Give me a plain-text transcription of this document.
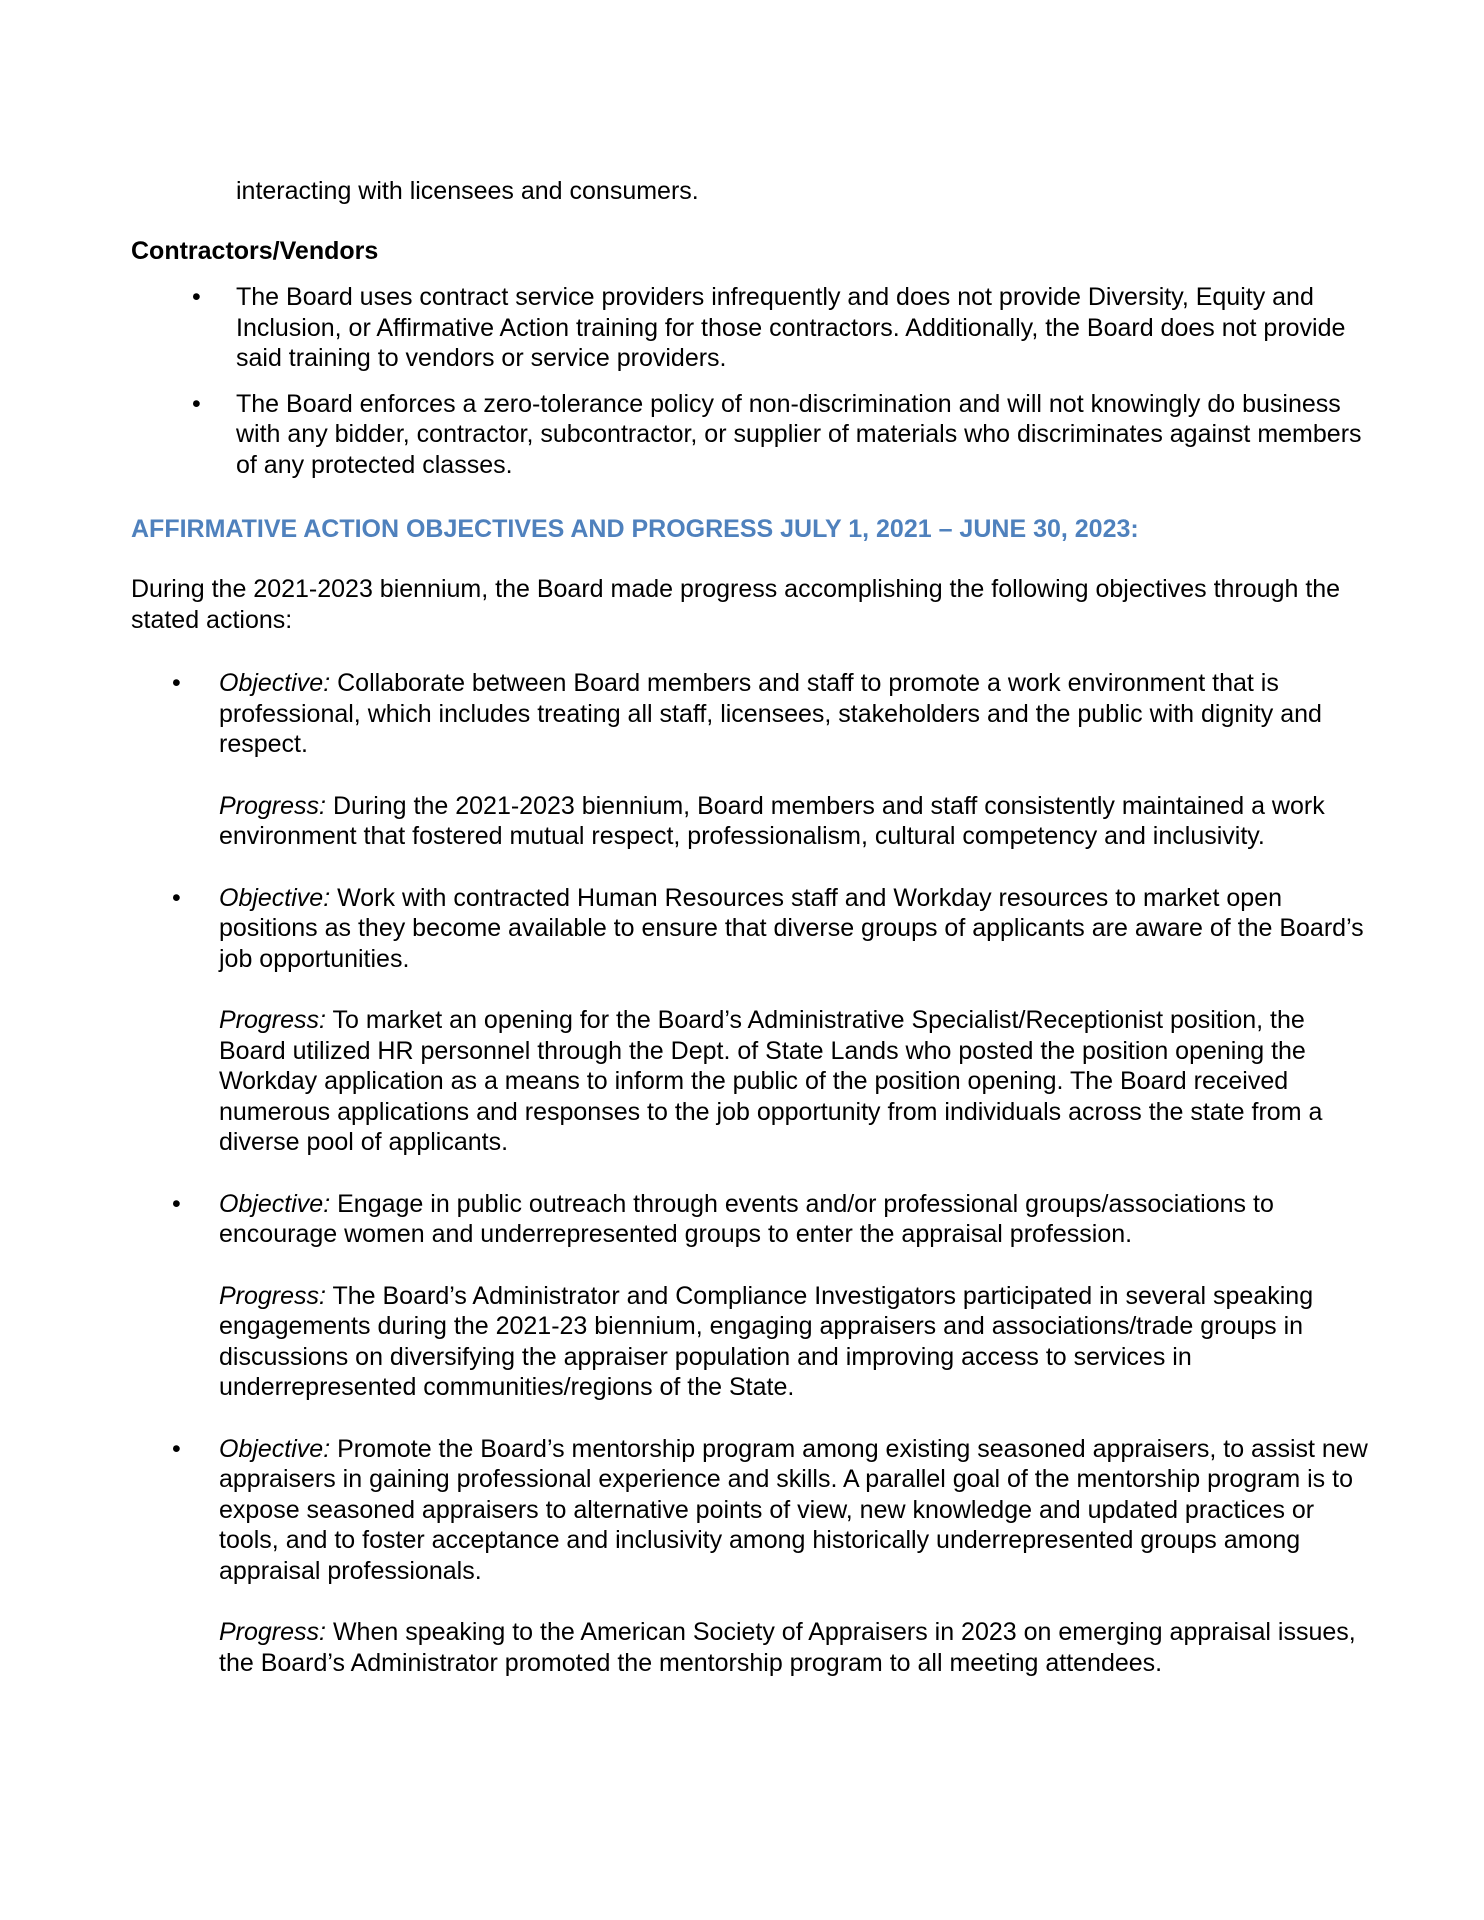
interacting with licensees and consumers.
Contractors/Vendors
• The Board uses contract service providers infrequently and does not provide Diversity, Equity and Inclusion, or Affirmative Action training for those contractors. Additionally, the Board does not provide said training to vendors or service providers.
• The Board enforces a zero-tolerance policy of non-discrimination and will not knowingly do business with any bidder, contractor, subcontractor, or supplier of materials who discriminates against members of any protected classes.
AFFIRMATIVE ACTION OBJECTIVES AND PROGRESS JULY 1, 2021 – JUNE 30, 2023:
During the 2021-2023 biennium, the Board made progress accomplishing the following objectives through the stated actions:
• Objective: Collaborate between Board members and staff to promote a work environment that is professional, which includes treating all staff, licensees, stakeholders and the public with dignity and respect.

Progress: During the 2021-2023 biennium, Board members and staff consistently maintained a work environment that fostered mutual respect, professionalism, cultural competency and inclusivity.

• Objective: Work with contracted Human Resources staff and Workday resources to market open positions as they become available to ensure that diverse groups of applicants are aware of the Board’s job opportunities.

Progress: To market an opening for the Board’s Administrative Specialist/Receptionist position, the Board utilized HR personnel through the Dept. of State Lands who posted the position opening the Workday application as a means to inform the public of the position opening. The Board received numerous applications and responses to the job opportunity from individuals across the state from a diverse pool of applicants.

• Objective: Engage in public outreach through events and/or professional groups/associations to encourage women and underrepresented groups to enter the appraisal profession.

Progress: The Board’s Administrator and Compliance Investigators participated in several speaking engagements during the 2021-23 biennium, engaging appraisers and associations/trade groups in discussions on diversifying the appraiser population and improving access to services in underrepresented communities/regions of the State.

• Objective: Promote the Board’s mentorship program among existing seasoned appraisers, to assist new appraisers in gaining professional experience and skills. A parallel goal of the mentorship program is to expose seasoned appraisers to alternative points of view, new knowledge and updated practices or tools, and to foster acceptance and inclusivity among historically underrepresented groups among appraisal professionals.

Progress: When speaking to the American Society of Appraisers in 2023 on emerging appraisal issues, the Board’s Administrator promoted the mentorship program to all meeting attendees.
